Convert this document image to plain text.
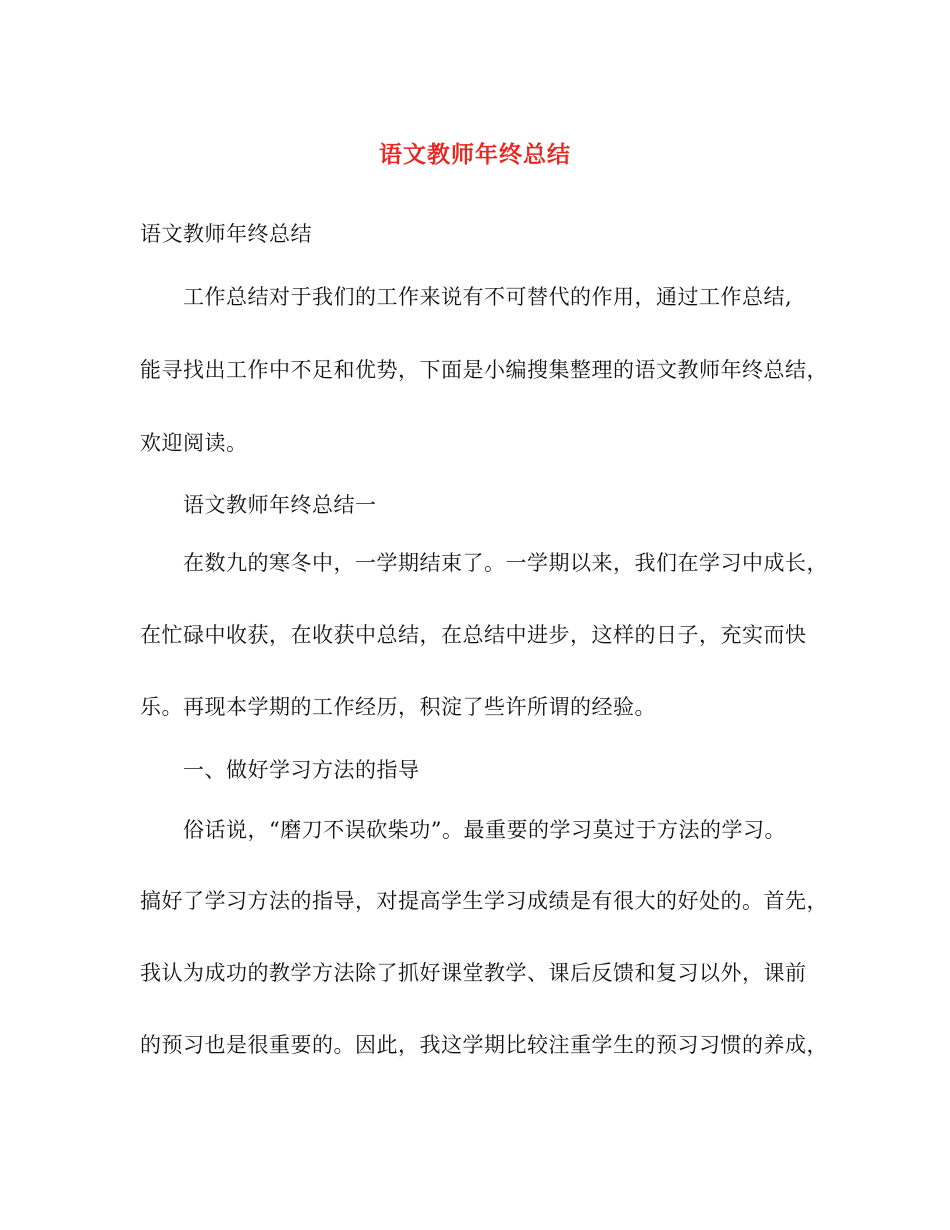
语文教师年终总结
语文教师年终总结
工作总结对于我们的工作来说有不可替代的作用，通过工作总结,
能寻找出工作中不足和优势，下面是小编搜集整理的语文教师年终总结，
欢迎阅读。
语文教师年终总结一
在数九的寒冬中，一学期结束了。一学期以来，我们在学习中成长，
在忙碌中收获，在收获中总结，在总结中进步，这样的日子，充实而快
乐。再现本学期的工作经历，积淀了些许所谓的经验。
一、做好学习方法的指导
俗话说，“磨刀不误砍柴功”。最重要的学习莫过于方法的学习。
搞好了学习方法的指导，对提高学生学习成绩是有很大的好处的。首先，
我认为成功的教学方法除了抓好课堂教学、课后反馈和复习以外，课前
的预习也是很重要的。因此，我这学期比较注重学生的预习习惯的养成，
